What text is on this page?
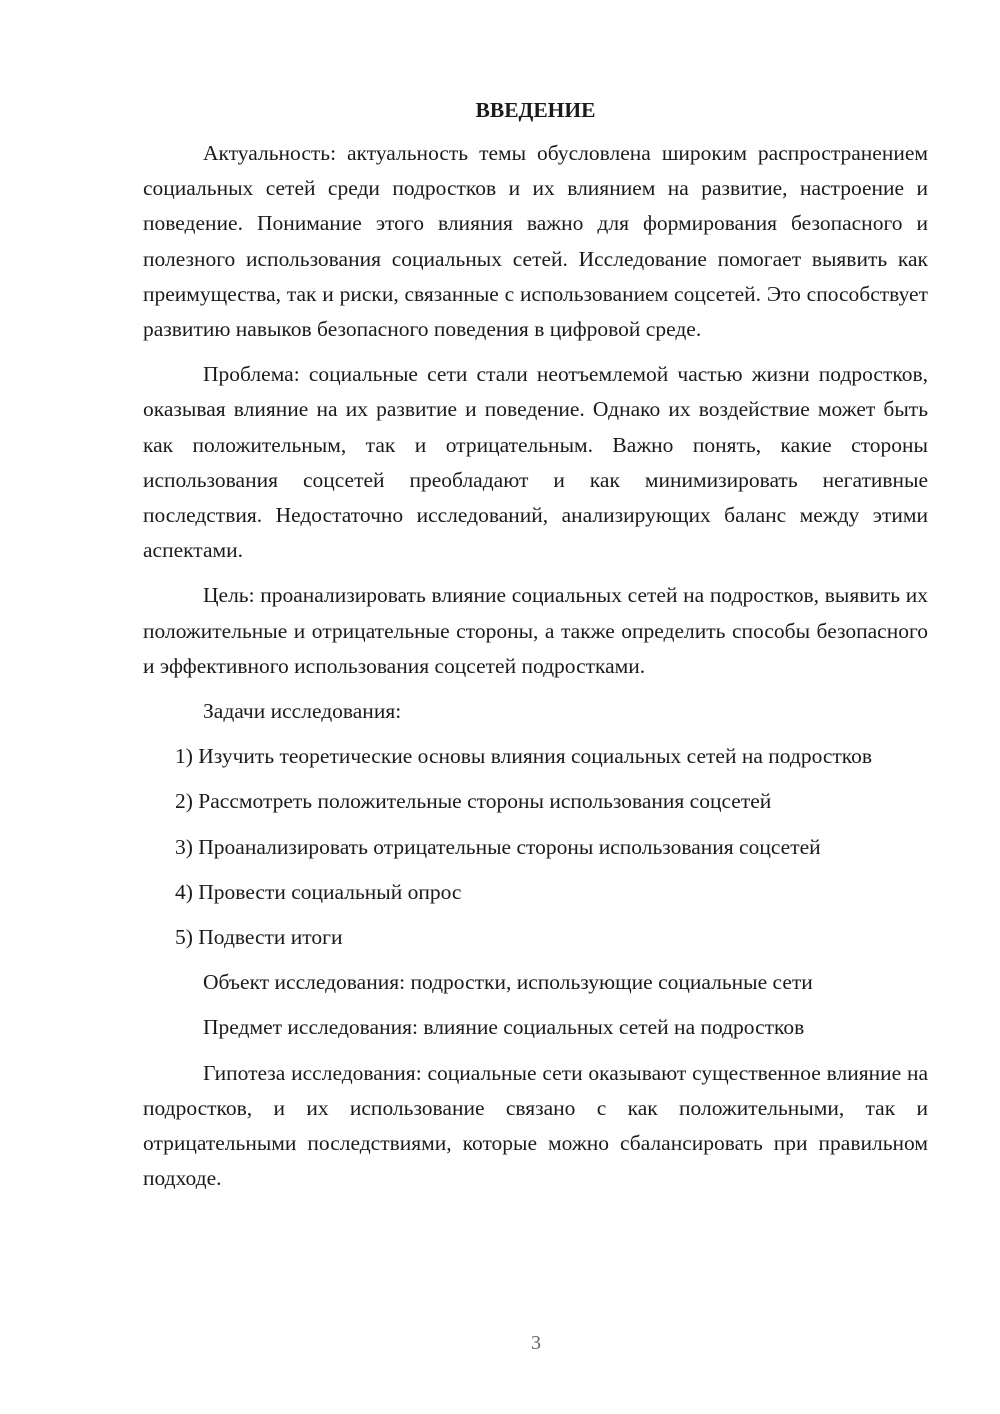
ВВЕДЕНИЕ

Актуальность: актуальность темы обусловлена широким распространением социальных сетей среди подростков и их влиянием на развитие, настроение и поведение. Понимание этого влияния важно для формирования безопасного и полезного использования социальных сетей. Исследование помогает выявить как преимущества, так и риски, связанные с использованием соцсетей. Это способствует развитию навыков безопасного поведения в цифровой среде.

Проблема: социальные сети стали неотъемлемой частью жизни подростков, оказывая влияние на их развитие и поведение. Однако их воздействие может быть как положительным, так и отрицательным. Важно понять, какие стороны использования соцсетей преобладают и как минимизировать негативные последствия. Недостаточно исследований, анализирующих баланс между этими аспектами.

Цель: проанализировать влияние социальных сетей на подростков, выявить их положительные и отрицательные стороны, а также определить способы безопасного и эффективного использования соцсетей подростками.

Задачи исследования:

1) Изучить теоретические основы влияния социальных сетей на подростков

2) Рассмотреть положительные стороны использования соцсетей

3) Проанализировать отрицательные стороны использования соцсетей

4) Провести социальный опрос

5) Подвести итоги

Объект исследования: подростки, использующие социальные сети

Предмет исследования: влияние социальных сетей на подростков

Гипотеза исследования: социальные сети оказывают существенное влияние на подростков, и их использование связано с как положительными, так и отрицательными последствиями, которые можно сбалансировать при правильном подходе.

3
